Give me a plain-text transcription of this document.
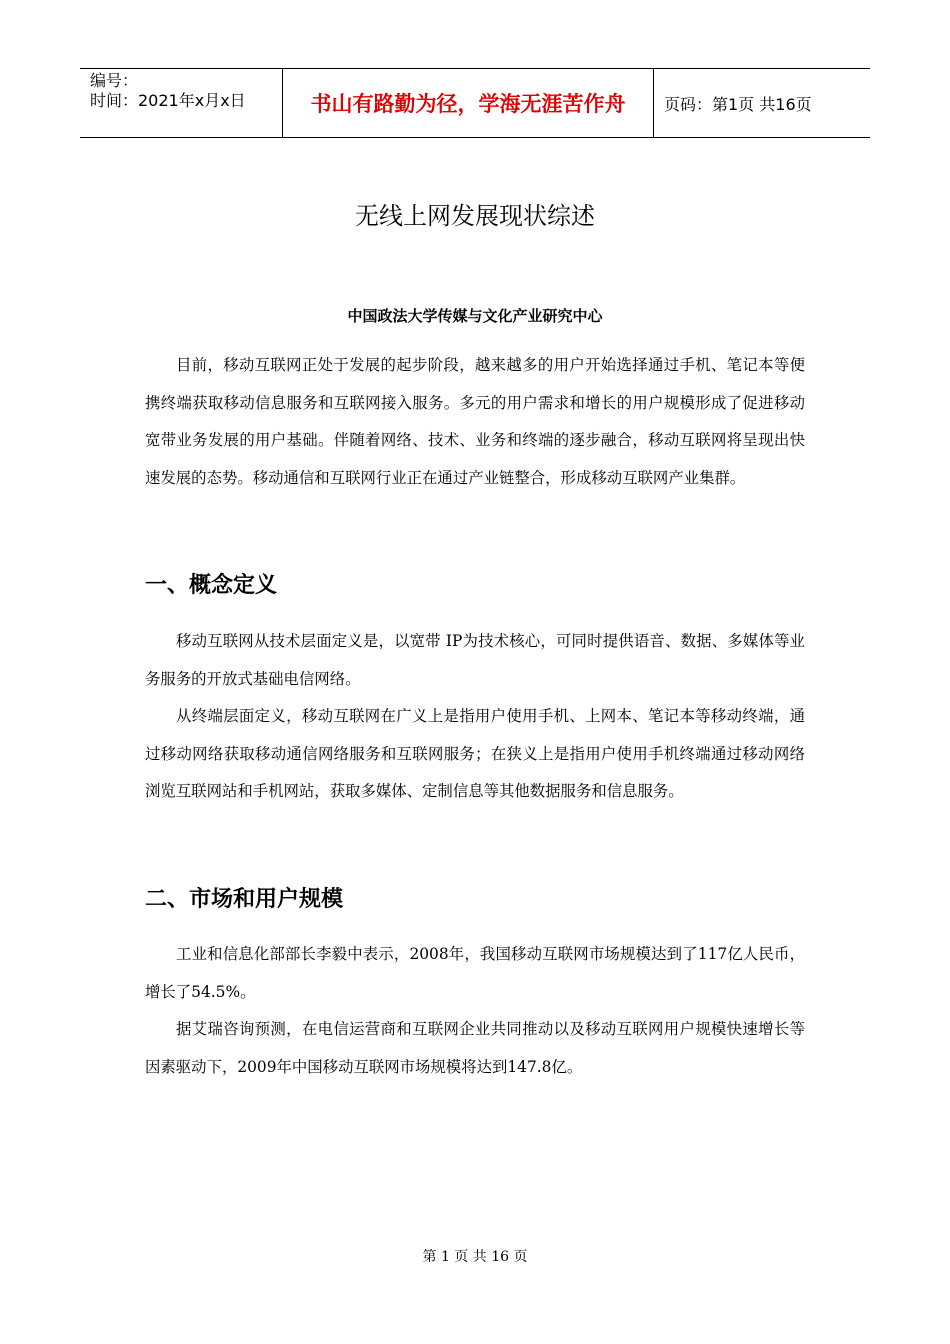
编号：
时间：2021年x月x日	书山有路勤为径，学海无涯苦作舟	页码：第1页 共16页
无线上网发展现状综述
中国政法大学传媒与文化产业研究中心

目前，移动互联网正处于发展的起步阶段，越来越多的用户开始选择通过手机、笔记本等便携终端获取移动信息服务和互联网接入服务。多元的用户需求和增长的用户规模形成了促进移动宽带业务发展的用户基础。伴随着网络、技术、业务和终端的逐步融合，移动互联网将呈现出快速发展的态势。移动通信和互联网行业正在通过产业链整合，形成移动互联网产业集群。

一、概念定义

移动互联网从技术层面定义是，以宽带 IP为技术核心，可同时提供语音、数据、多媒体等业务服务的开放式基础电信网络。

从终端层面定义，移动互联网在广义上是指用户使用手机、上网本、笔记本等移动终端，通过移动网络获取移动通信网络服务和互联网服务；在狭义上是指用户使用手机终端通过移动网络浏览互联网站和手机网站，获取多媒体、定制信息等其他数据服务和信息服务。

二、市场和用户规模

工业和信息化部部长李毅中表示，2008年，我国移动互联网市场规模达到了117亿人民币，增长了54.5%。

据艾瑞咨询预测，在电信运营商和互联网企业共同推动以及移动互联网用户规模快速增长等因素驱动下，2009年中国移动互联网市场规模将达到147.8亿。

第 1 页 共 16 页
